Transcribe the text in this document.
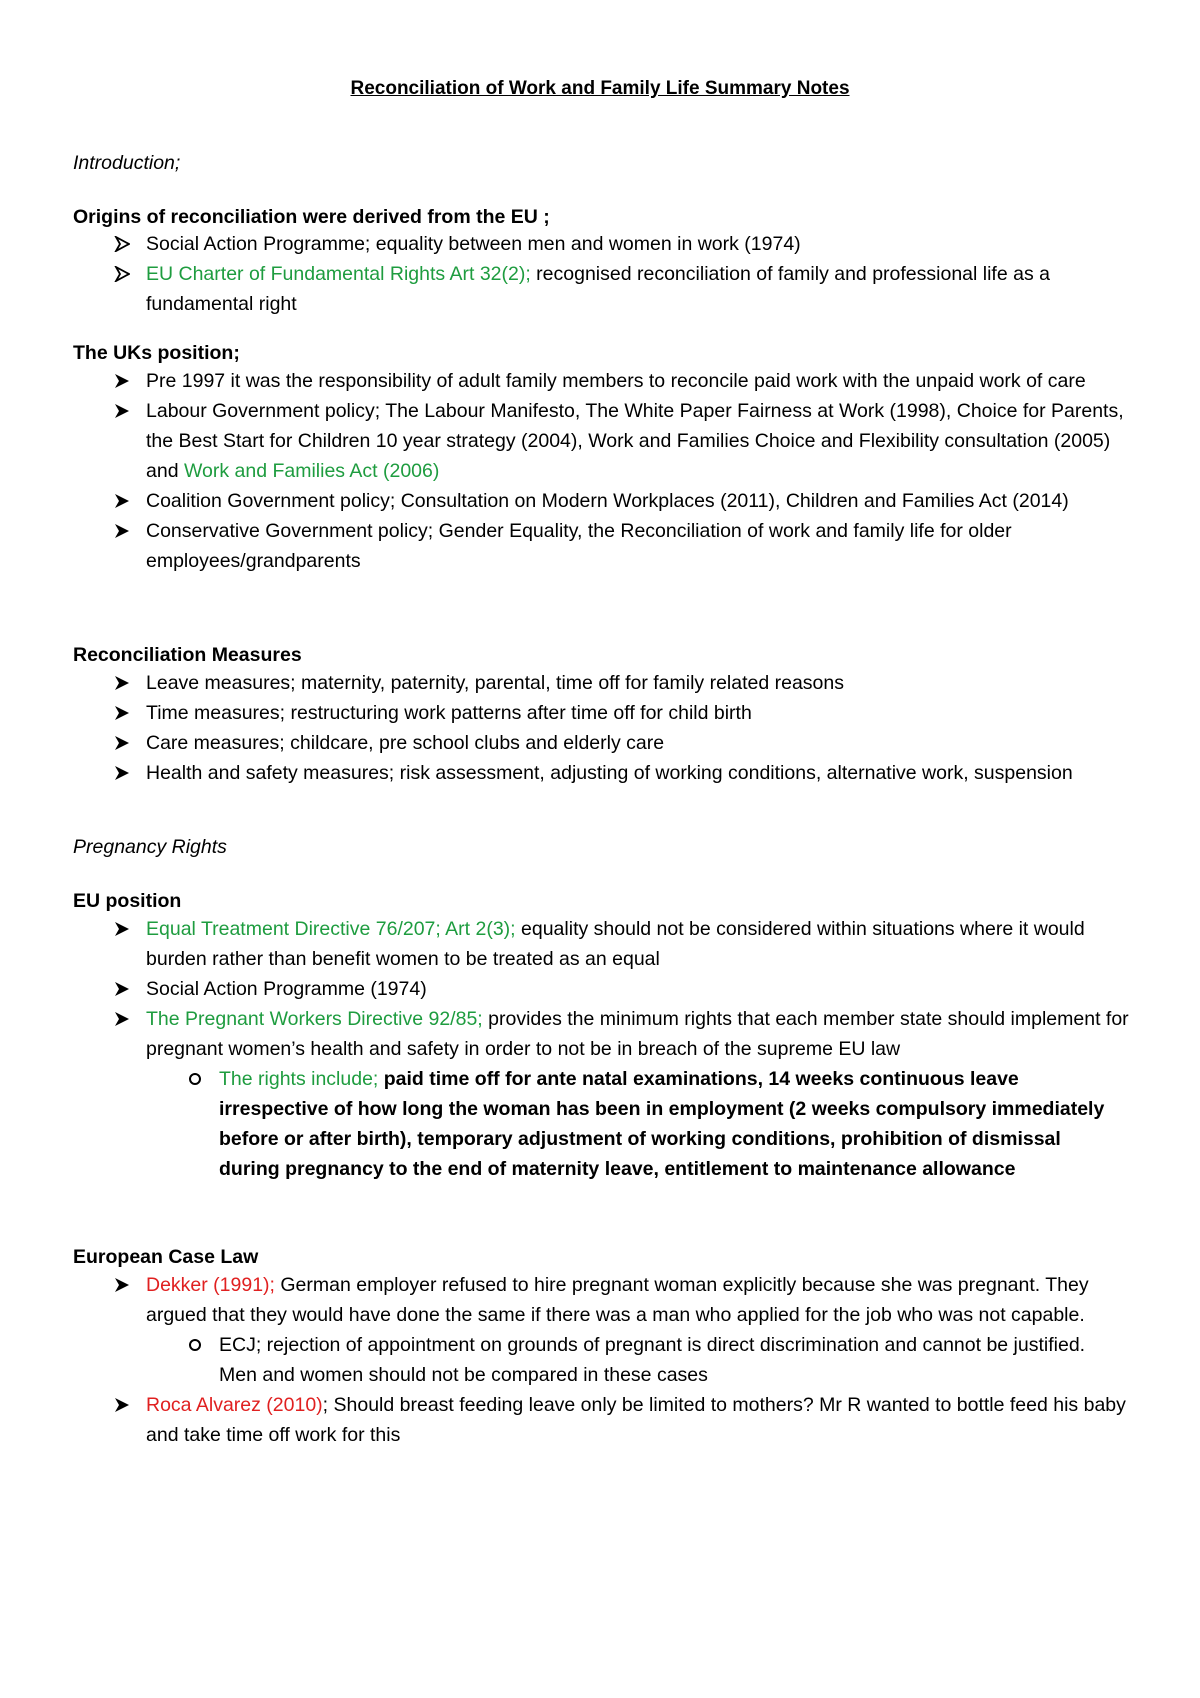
Reconciliation of Work and Family Life Summary Notes

Introduction;

Origins of reconciliation were derived from the EU ;

Social Action Programme; equality between men and women in work (1974)
EU Charter of Fundamental Rights Art 32(2); recognised reconciliation of family and professional life as a fundamental right

The UKs position;

Pre 1997 it was the responsibility of adult family members to reconcile paid work with the unpaid work of care
Labour Government policy; The Labour Manifesto, The White Paper Fairness at Work (1998), Choice for Parents, the Best Start for Children 10 year strategy (2004), Work and Families Choice and Flexibility consultation (2005) and Work and Families Act (2006)
Coalition Government policy; Consultation on Modern Workplaces (2011), Children and Families Act (2014)
Conservative Government policy; Gender Equality, the Reconciliation of work and family life for older employees/grandparents

Reconciliation Measures

Leave measures; maternity, paternity, parental, time off for family related reasons
Time measures; restructuring work patterns after time off for child birth
Care measures; childcare, pre school clubs and elderly care
Health and safety measures; risk assessment, adjusting of working conditions, alternative work, suspension

Pregnancy Rights

EU position

Equal Treatment Directive 76/207; Art 2(3); equality should not be considered within situations where it would burden rather than benefit women to be treated as an equal
Social Action Programme (1974)
The Pregnant Workers Directive 92/85; provides the minimum rights that each member state should implement for pregnant women’s health and safety in order to not be in breach of the supreme EU law
The rights include; paid time off for ante natal examinations, 14 weeks continuous leave irrespective of how long the woman has been in employment (2 weeks compulsory immediately before or after birth), temporary adjustment of working conditions, prohibition of dismissal during pregnancy to the end of maternity leave, entitlement to maintenance allowance

European Case Law

Dekker (1991); German employer refused to hire pregnant woman explicitly because she was pregnant. They argued that they would have done the same if there was a man who applied for the job who was not capable.
ECJ; rejection of appointment on grounds of pregnant is direct discrimination and cannot be justified. Men and women should not be compared in these cases
Roca Alvarez (2010); Should breast feeding leave only be limited to mothers? Mr R wanted to bottle feed his baby and take time off work for this
